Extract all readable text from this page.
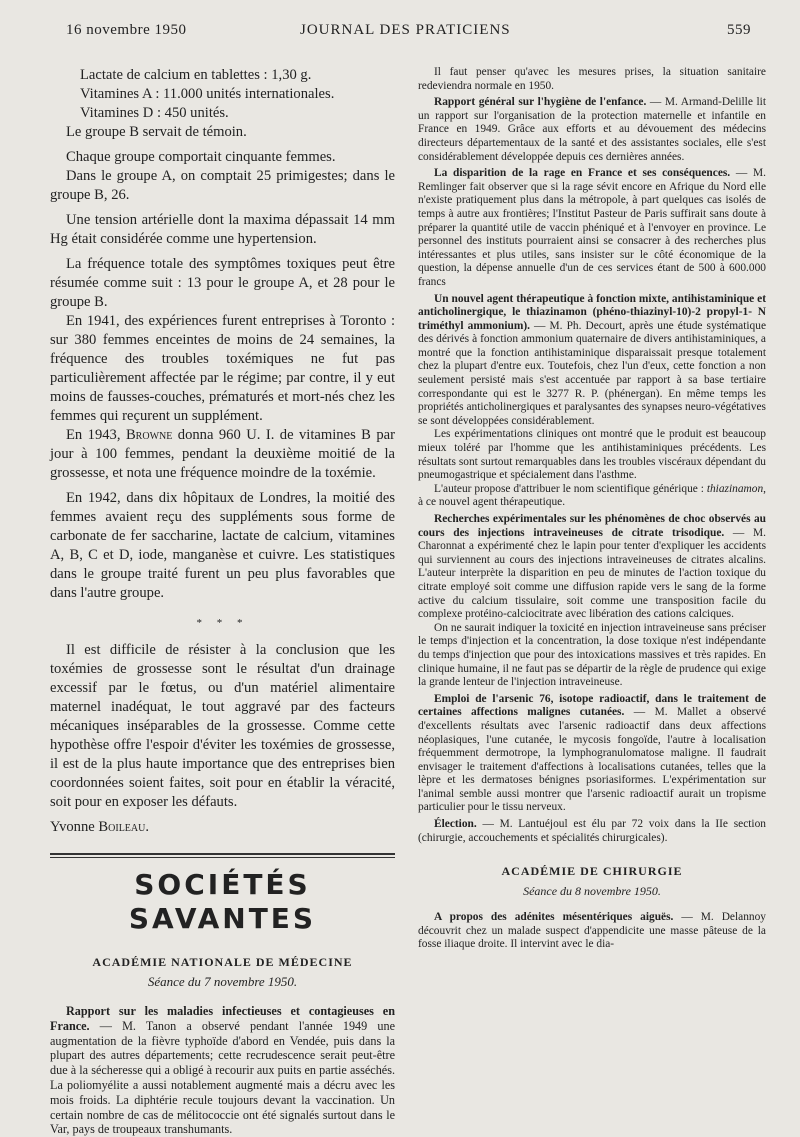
16 novembre 1950	JOURNAL DES PRATICIENS	559

Lactate de calcium en tablettes : 1,30 g.

Vitamines A : 11.000 unités internationales.

Vitamines D : 450 unités.

Le groupe B servait de témoin.

Chaque groupe comportait cinquante femmes.

Dans le groupe A, on comptait 25 primigestes; dans le groupe B, 26.

Une tension artérielle dont la maxima dépassait 14 mm Hg était considérée comme une hypertension.

La fréquence totale des symptômes toxiques peut être résumée comme suit : 13 pour le groupe A, et 28 pour le groupe B.

En 1941, des expériences furent entreprises à Toronto : sur 380 femmes enceintes de moins de 24 semaines, la fréquence des troubles toxémiques ne fut pas particulièrement affectée par le régime; par contre, il y eut moins de fausses-couches, prématurés et mort-nés chez les femmes qui reçurent un supplément.

En 1943, Browne donna 960 U. I. de vitamines B par jour à 100 femmes, pendant la deuxième moitié de la grossesse, et nota une fréquence moindre de la toxémie.

En 1942, dans dix hôpitaux de Londres, la moitié des femmes avaient reçu des suppléments sous forme de carbonate de fer saccharine, lactate de calcium, vitamines A, B, C et D, iode, manganèse et cuivre. Les statistiques dans le groupe traité furent un peu plus favorables que dans l'autre groupe.

* * *

Il est difficile de résister à la conclusion que les toxémies de grossesse sont le résultat d'un drainage excessif par le fœtus, ou d'un matériel alimentaire maternel inadéquat, le tout aggravé par des facteurs mécaniques inséparables de la grossesse. Comme cette hypothèse offre l'espoir d'éviter les toxémies de grossesse, il est de la plus haute importance que des entreprises bien coordonnées soient faites, soit pour en établir la véracité, soit pour en exposer les défauts.

Yvonne Boileau.

SOCIÉTÉS SAVANTES
ACADÉMIE NATIONALE DE MÉDECINE
Séance du 7 novembre 1950.

Rapport sur les maladies infectieuses et contagieuses en France. — M. Tanon a observé pendant l'année 1949 une augmentation de la fièvre typhoïde d'abord en Vendée, puis dans la plupart des autres départements; cette recrudescence serait peut-être due à la sécheresse qui a obligé à recourir aux puits en partie asséchés. La poliomyélite a aussi notablement augmenté mais a décru avec les mois froids. La diphtérie recule toujours devant la vaccination. Un certain nombre de cas de mélitococcie ont été signalés surtout dans le Var, pays de troupeaux transhumants.

Il faut penser qu'avec les mesures prises, la situation sanitaire redeviendra normale en 1950.

Rapport général sur l'hygiène de l'enfance. — M. Armand-Delille lit un rapport sur l'organisation de la protection maternelle et infantile en France en 1949. Grâce aux efforts et au dévouement des médecins directeurs départementaux de la santé et des assistantes sociales, elle s'est considérablement développée depuis ces dernières années.

La disparition de la rage en France et ses conséquences. — M. Remlinger fait observer que si la rage sévit encore en Afrique du Nord elle n'existe pratiquement plus dans la métropole, à part quelques cas isolés de temps à autre aux frontières; l'Institut Pasteur de Paris suffirait sans doute à préparer la quantité utile de vaccin phéniqué et à l'envoyer en province. Le personnel des instituts pourraient ainsi se consacrer à des recherches plus intéressantes et plus utiles, sans insister sur le côté économique de la question, la dépense annuelle d'un de ces services étant de 500 à 600.000 francs

Un nouvel agent thérapeutique à fonction mixte, antihistaminique et anticholinergique, le thiazinamon (phéno-thiazinyl-10)-2 propyl-1- N triméthyl ammonium). — M. Ph. Decourt, après une étude systématique des dérivés à fonction ammonium quaternaire de divers antihistaminiques, a montré que la fonction antihistaminique disparaissait presque totalement chez la plupart d'entre eux. Toutefois, chez l'un d'eux, cette fonction a non seulement persisté mais s'est accentuée par rapport à sa base tertiaire correspondante qui est le 3277 R. P. (phénergan). En même temps les propriétés anticholinergiques et paralysantes des synapses neuro-végétatives se sont développées considérablement.

Les expérimentations cliniques ont montré que le produit est beaucoup mieux toléré par l'homme que les antihistaminiques précédents. Les résultats sont surtout remarquables dans les troubles viscéraux dépendant du pneumogastrique et spécialement dans l'asthme.

L'auteur propose d'attribuer le nom scientifique générique : thiazinamon, à ce nouvel agent thérapeutique.

Recherches expérimentales sur les phénomènes de choc observés au cours des injections intraveineuses de citrate trisodique. — M. Charonnat a expérimenté chez le lapin pour tenter d'expliquer les accidents qui surviennent au cours des injections intraveineuses de citrates alcalins. L'auteur interprète la disparition en peu de minutes de l'action toxique du citrate employé soit comme une diffusion rapide vers le sang de la forme active du calcium tissulaire, soit comme une transposition facile du complexe protéino-calciocitrate avec libération des cations calciques.

On ne saurait indiquer la toxicité en injection intraveineuse sans préciser le temps d'injection et la concentration, la dose toxique n'est indépendante du temps d'injection que pour des intoxications massives et très rapides. En clinique humaine, il ne faut pas se départir de la règle de prudence qui exige la grande lenteur de l'injection intraveineuse.

Emploi de l'arsenic 76, isotope radioactif, dans le traitement de certaines affections malignes cutanées. — M. Mallet a observé d'excellents résultats avec l'arsenic radioactif dans deux affections néoplasiques, l'une cutanée, le mycosis fongoïde, l'autre à localisation fréquemment dermotrope, la lymphogranulomatose maligne. Il faudrait envisager le traitement d'affections à localisations cutanées, telles que la lèpre et les dermatoses bénignes psoriasiformes. L'expérimentation sur l'animal semble aussi montrer que l'arsenic radioactif aurait un tropisme particulier pour le tissu nerveux.

Élection. — M. Lantuéjoul est élu par 72 voix dans la IIe section (chirurgie, accouchements et spécialités chirurgicales).

ACADÉMIE DE CHIRURGIE
Séance du 8 novembre 1950.

A propos des adénites mésentériques aiguës. — M. Delannoy découvrit chez un malade suspect d'appendicite une masse pâteuse de la fosse iliaque droite. Il intervint avec le dia-
